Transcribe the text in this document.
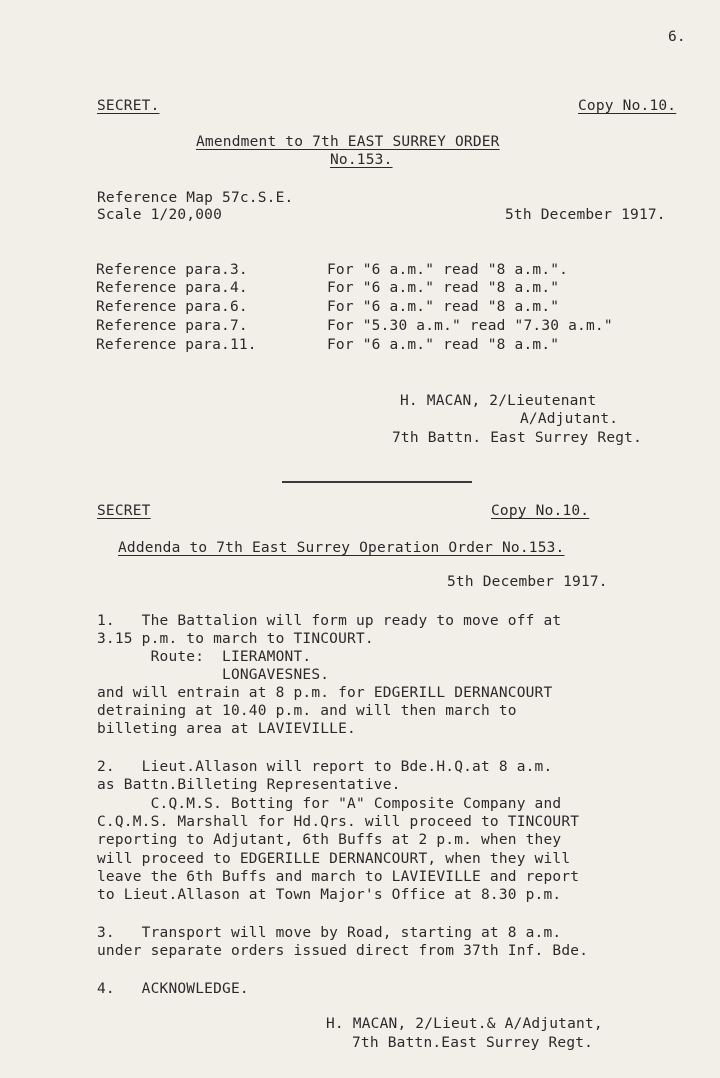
6.
SECRET.	Copy No.10.
Amendment to 7th EAST SURREY ORDER
No.153.
Reference Map 57c.S.E.
Scale 1/20,000	5th December 1917.
Reference para.3.	For "6 a.m." read "8 a.m.".
Reference para.4.	For "6 a.m." read "8 a.m."
Reference para.6.	For "6 a.m." read "8 a.m."
Reference para.7.	For "5.30 a.m." read "7.30 a.m."
Reference para.11.	For "6 a.m." read "8 a.m."
H. MACAN, 2/Lieutenant
A/Adjutant.
7th Battn. East Surrey Regt.
SECRET	Copy No.10.
Addenda to 7th East Surrey Operation Order No.153.
5th December 1917.
1.   The Battalion will form up ready to move off at
3.15 p.m. to march to TINCOURT.
Route:  LIERAMONT.
LONGAVESNES.
and will entrain at 8 p.m. for EDGERILL DERNANCOURT
detraining at 10.40 p.m. and will then march to
billeting area at LAVIEVILLE.
2.   Lieut.Allason will report to Bde.H.Q.at 8 a.m.
as Battn.Billeting Representative.
C.Q.M.S. Botting for "A" Composite Company and
C.Q.M.S. Marshall for Hd.Qrs. will proceed to TINCOURT
reporting to Adjutant, 6th Buffs at 2 p.m. when they
will proceed to EDGERILLE DERNANCOURT, when they will
leave the 6th Buffs and march to LAVIEVILLE and report
to Lieut.Allason at Town Major's Office at 8.30 p.m.
3.   Transport will move by Road, starting at 8 a.m.
under separate orders issued direct from 37th Inf. Bde.
4.   ACKNOWLEDGE.
H. MACAN, 2/Lieut.& A/Adjutant,
7th Battn.East Surrey Regt.
